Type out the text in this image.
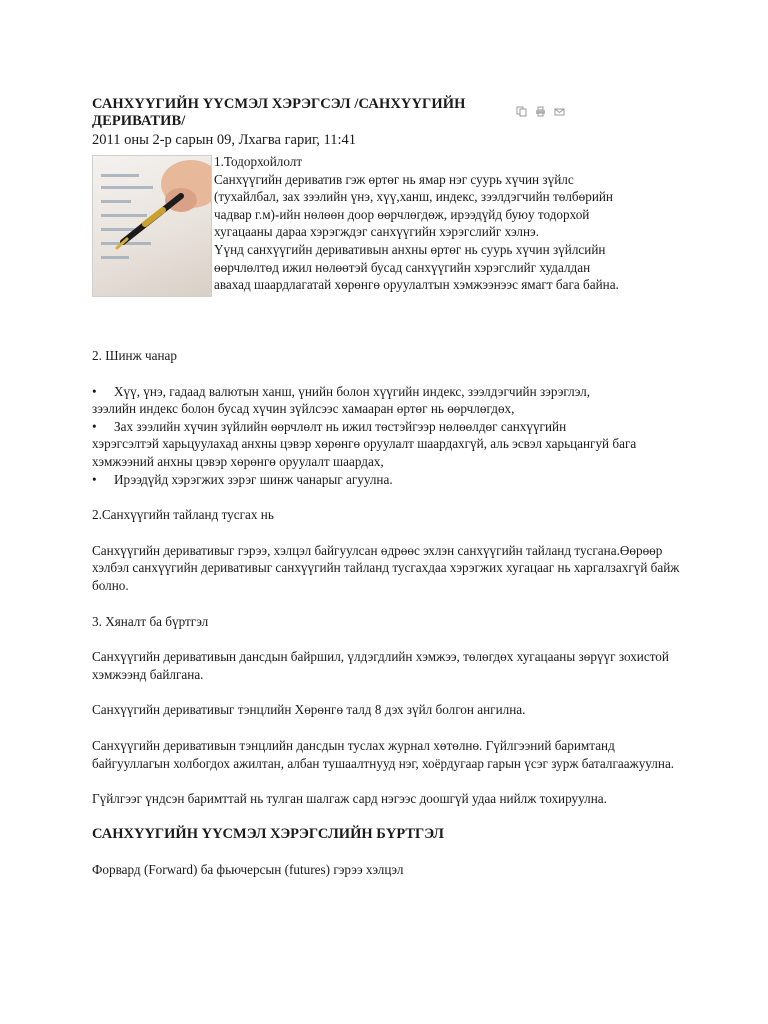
САНХҮҮГИЙН ҮҮСМЭЛ ХЭРЭГСЭЛ /САНХҮҮГИЙН ДЕРИВАТИВ/
2011 оны 2-р сарын 09, Лхагва гариг, 11:41
1.Тодорхойлолт
Санхүүгийн дериватив гэж өртөг нь ямар нэг суурь хүчин зүйлс
(тухайлбал, зах зээлийн үнэ, хүү,ханш, индекс, зээлдэгчийн төлбөрийн
чадвар г.м)-ийн нөлөөн доор өөрчлөгдөж, ирээдүйд буюу тодорхой
хугацааны дараа хэрэгждэг санхүүгийн хэрэгслийг хэлнэ.
Үүнд санхүүгийн деривативын анхны өртөг нь суурь хүчин зүйлсийн
өөрчлөлтөд ижил нөлөөтэй бусад санхүүгийн хэрэгслийг худалдан
авахад шаардлагатай хөрөнгө оруулалтын хэмжээнээс ямагт бага байна.

2. Шинж чанар

•	Хүү, үнэ, гадаад валютын ханш, үнийн болон хүүгийн индекс, зээлдэгчийн зэрэглэл,

зээлийн индекс болон бусад хүчин зүйлсээс хамааран өртөг нь өөрчлөгдөх,

•	Зах зээлийн хүчин зүйлийн өөрчлөлт нь ижил төстэйгээр нөлөөлдөг санхүүгийн

хэрэгсэлтэй харьцуулахад анхны цэвэр хөрөнгө оруулалт шаардахгүй, аль эсвэл харьцангуй бага хэмжээний анхны цэвэр хөрөнгө оруулалт шаардах,

•	Ирээдүйд хэрэгжих зэрэг шинж чанарыг агуулна.

2.Санхүүгийн тайланд тусгах нь

Санхүүгийн деривативыг гэрээ, хэлцэл байгуулсан өдрөөс эхлэн санхүүгийн тайланд тусгана.Өөрөөр хэлбэл санхүүгийн деривативыг санхүүгийн тайланд тусгахдаа хэрэгжих хугацааг нь харгалзахгүй байж болно.

3. Хяналт ба бүртгэл

Санхүүгийн деривативын дансдын байршил, үлдэгдлийн хэмжээ, төлөгдөх хугацааны зөрүүг зохистой хэмжээнд байлгана.

Санхүүгийн деривативыг тэнцлийн Хөрөнгө талд 8 дэх зүйл болгон ангилна.

Санхүүгийн деривативын тэнцлийн дансдын туслах журнал хөтөлнө. Гүйлгээний баримтанд байгууллагын холбогдох ажилтан, албан тушаалтнууд нэг, хоёрдугаар гарын үсэг зурж баталгаажуулна.

Гүйлгээг үндсэн баримттай нь тулган шалгаж сард нэгээс доошгүй удаа нийлж тохируулна.

САНХҮҮГИЙН ҮҮСМЭЛ ХЭРЭГСЛИЙН БҮРТГЭЛ

Форвард (Forward) ба фьючерсын (futures) гэрээ хэлцэл
